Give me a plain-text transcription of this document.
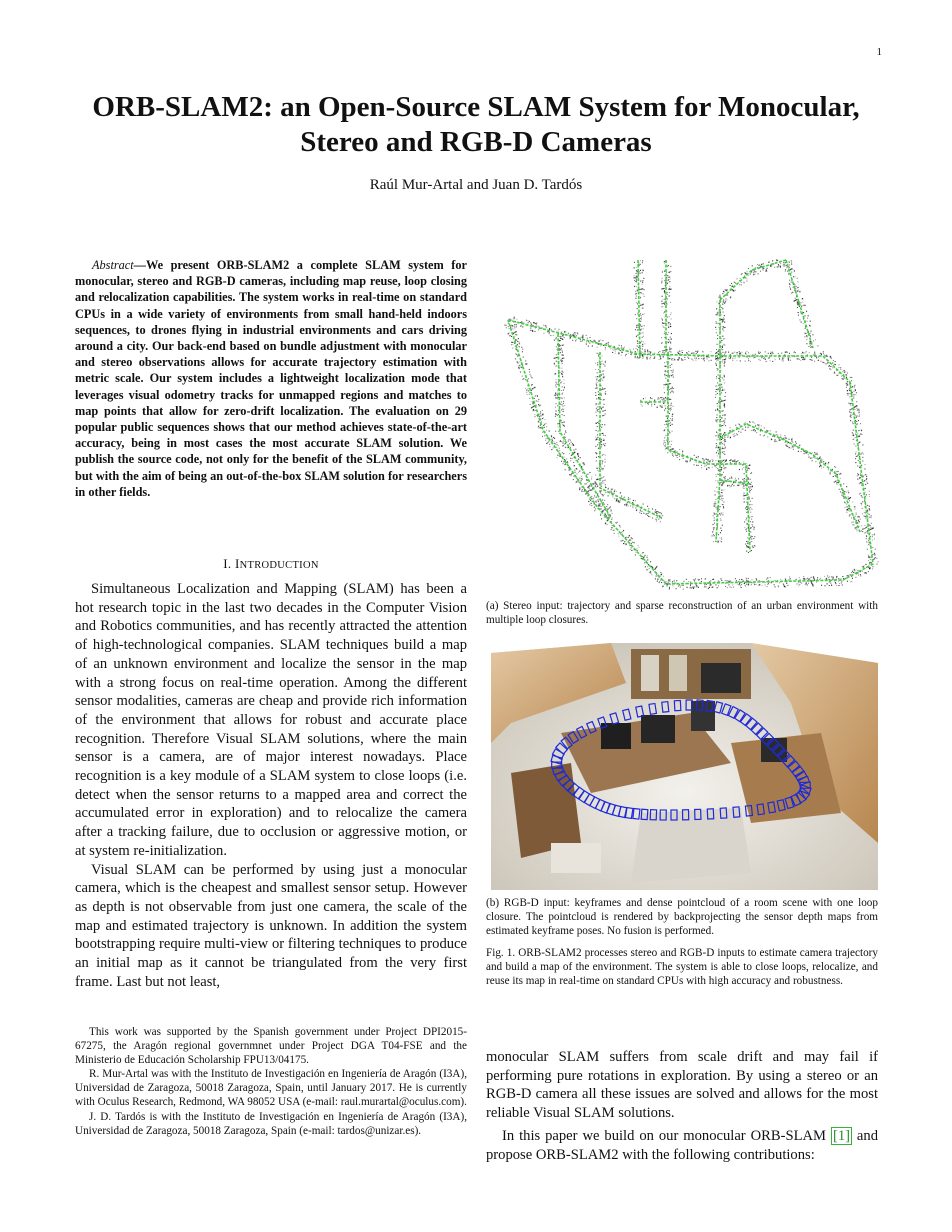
1
ORB-SLAM2: an Open-Source SLAM System for Monocular, Stereo and RGB-D Cameras
Raúl Mur-Artal and Juan D. Tardós
Abstract—We present ORB-SLAM2 a complete SLAM system for monocular, stereo and RGB-D cameras, including map reuse, loop closing and relocalization capabilities. The system works in real-time on standard CPUs in a wide variety of environments from small hand-held indoors sequences, to drones flying in industrial environments and cars driving around a city. Our back-end based on bundle adjustment with monocular and stereo observations allows for accurate trajectory estimation with metric scale. Our system includes a lightweight localization mode that leverages visual odometry tracks for unmapped regions and matches to map points that allow for zero-drift localization. The evaluation on 29 popular public sequences shows that our method achieves state-of-the-art accuracy, being in most cases the most accurate SLAM solution. We publish the source code, not only for the benefit of the SLAM community, but with the aim of being an out-of-the-box SLAM solution for researchers in other fields.
I. INTRODUCTION

Simultaneous Localization and Mapping (SLAM) has been a hot research topic in the last two decades in the Computer Vision and Robotics communities, and has recently attracted the attention of high-technological companies. SLAM techniques build a map of an unknown environment and localize the sensor in the map with a strong focus on real-time operation. Among the different sensor modalities, cameras are cheap and provide rich information of the environment that allows for robust and accurate place recognition. Therefore Visual SLAM solutions, where the main sensor is a camera, are of major interest nowadays. Place recognition is a key module of a SLAM system to close loops (i.e. detect when the sensor returns to a mapped area and correct the accumulated error in exploration) and to relocalize the camera after a tracking failure, due to occlusion or aggressive motion, or at system re-initialization.

Visual SLAM can be performed by using just a monocular camera, which is the cheapest and smallest sensor setup. However as depth is not observable from just one camera, the scale of the map and estimated trajectory is unknown. In addition the system bootstrapping require multi-view or filtering techniques to produce an initial map as it cannot be triangulated from the very first frame. Last but not least,

This work was supported by the Spanish government under Project DPI2015-67275, the Aragón regional governmnet under Project DGA T04-FSE and the Ministerio de Educación Scholarship FPU13/04175.

R. Mur-Artal was with the Instituto de Investigación en Ingeniería de Aragón (I3A), Universidad de Zaragoza, 50018 Zaragoza, Spain, until January 2017. He is currently with Oculus Research, Redmond, WA 98052 USA (e-mail: raul.murartal@oculus.com).

J. D. Tardós is with the Instituto de Investigación en Ingeniería de Aragón (I3A), Universidad de Zaragoza, 50018 Zaragoza, Spain (e-mail: tardos@unizar.es).

(a) Stereo input: trajectory and sparse reconstruction of an urban environment with multiple loop closures.
(b) RGB-D input: keyframes and dense pointcloud of a room scene with one loop closure. The pointcloud is rendered by backprojecting the sensor depth maps from estimated keyframe poses. No fusion is performed.
Fig. 1. ORB-SLAM2 processes stereo and RGB-D inputs to estimate camera trajectory and build a map of the environment. The system is able to close loops, relocalize, and reuse its map in real-time on standard CPUs with high accuracy and robustness.

monocular SLAM suffers from scale drift and may fail if performing pure rotations in exploration. By using a stereo or an RGB-D camera all these issues are solved and allows for the most reliable Visual SLAM solutions.

In this paper we build on our monocular ORB-SLAM [1] and propose ORB-SLAM2 with the following contributions:
